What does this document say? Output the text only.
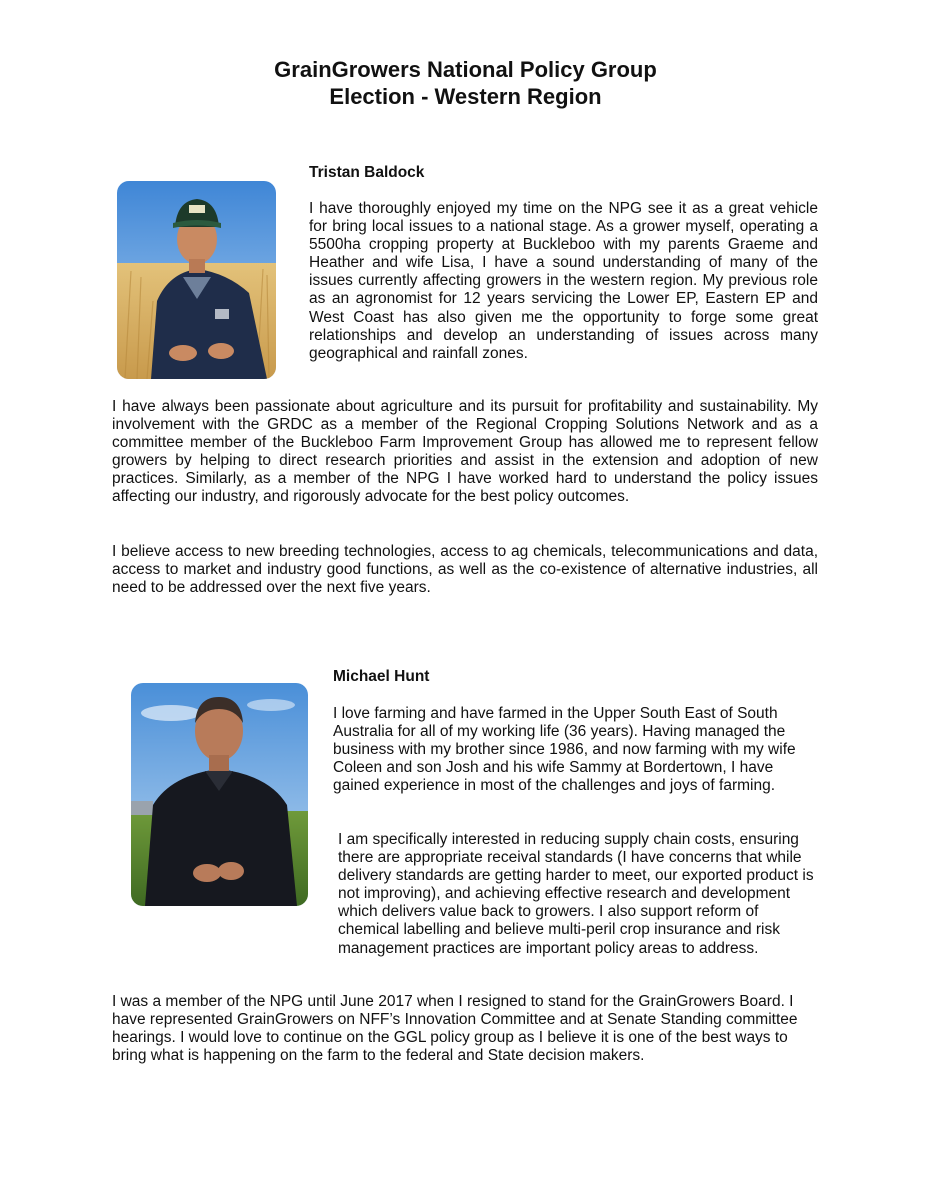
GrainGrowers National Policy Group
Election - Western Region
Tristan Baldock

I have thoroughly enjoyed my time on the NPG see it as a great vehicle for bring local issues to a national stage. As a grower myself, operating a 5500ha cropping property at Buckleboo with my parents Graeme and Heather and wife Lisa, I have a sound understanding of many of the issues currently affecting growers in the western region. My previous role as an agronomist for 12 years servicing the Lower EP, Eastern EP and West Coast has also given me the opportunity to forge some great relationships and develop an understanding of issues across many geographical and rainfall zones.

I have always been passionate about agriculture and its pursuit for profitability and sustainability. My involvement with the GRDC as a member of the Regional Cropping Solutions Network and as a committee member of the Buckleboo Farm Improvement Group has allowed me to represent fellow growers by helping to direct research priorities and assist in the extension and adoption of new practices. Similarly, as a member of the NPG I have worked hard to understand the policy issues affecting our industry, and rigorously advocate for the best policy outcomes.

I believe access to new breeding technologies, access to ag chemicals, telecommunications and data, access to market and industry good functions, as well as the co-existence of alternative industries, all need to be addressed over the next five years.

Michael Hunt

I love farming and have farmed in the Upper South East of South Australia for all of my working life (36 years). Having managed the business with my brother since 1986, and now farming with my wife Coleen and son Josh and his wife Sammy at Bordertown, I have gained experience in most of the challenges and joys of farming.

I am specifically interested in reducing supply chain costs, ensuring there are appropriate receival standards (I have concerns that while delivery standards are getting harder to meet, our exported product is not improving), and achieving effective research and development which delivers value back to growers. I also support reform of chemical labelling and believe multi-peril crop insurance and risk management practices are important policy areas to address.

I was a member of the NPG until June 2017 when I resigned to stand for the GrainGrowers Board. I have represented GrainGrowers on NFF’s Innovation Committee and at Senate Standing committee hearings. I would love to continue on the GGL policy group as I believe it is one of the best ways to bring what is happening on the farm to the federal and State decision makers.
